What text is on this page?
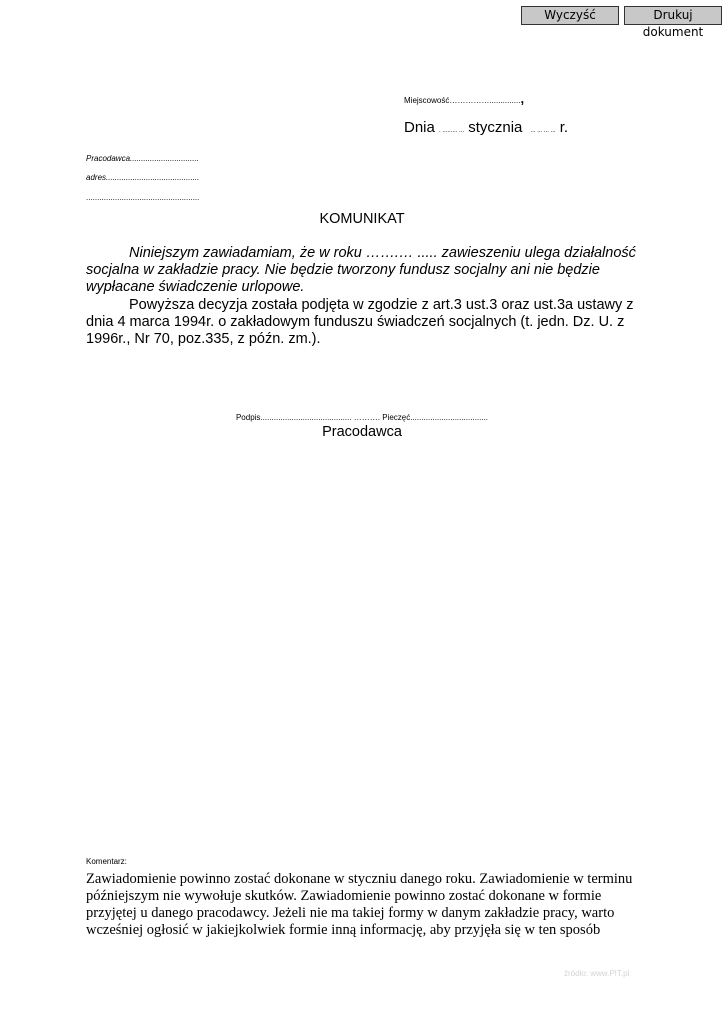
Wyczyść	Drukuj dokument
Miejscowość……………..............,
Dnia . ......... ... stycznia ... ... ... ... r.
Pracodawca...............................
adres..........................................
...................................................
KOMUNIKAT
Niniejszym zawiadamiam, że w roku …….… ..... zawieszeniu ulega działalność socjalna w zakładzie pracy. Nie będzie tworzony fundusz socjalny ani nie będzie wypłacane świadczenie urlopowe.
Powyższa decyzja została podjęta w zgodzie z art.3 ust.3 oraz ust.3a ustawy z dnia 4 marca 1994r. o zakładowym funduszu świadczeń socjalnych (t. jedn. Dz. U. z 1996r., Nr 70, poz.335, z późn. zm.).
Podpis......................................... ………. Pieczęć...................................
Pracodawca
Komentarz:
Zawiadomienie powinno zostać dokonane w styczniu danego roku. Zawiadomienie w terminu późniejszym nie wywołuje skutków. Zawiadomienie powinno zostać dokonane w formie przyjętej u danego pracodawcy. Jeżeli nie ma takiej formy w danym zakładzie pracy, warto wcześniej ogłosić w jakiejkolwiek formie inną informację, aby przyjęła się w ten sposób
źródło: www.PIT.pl
